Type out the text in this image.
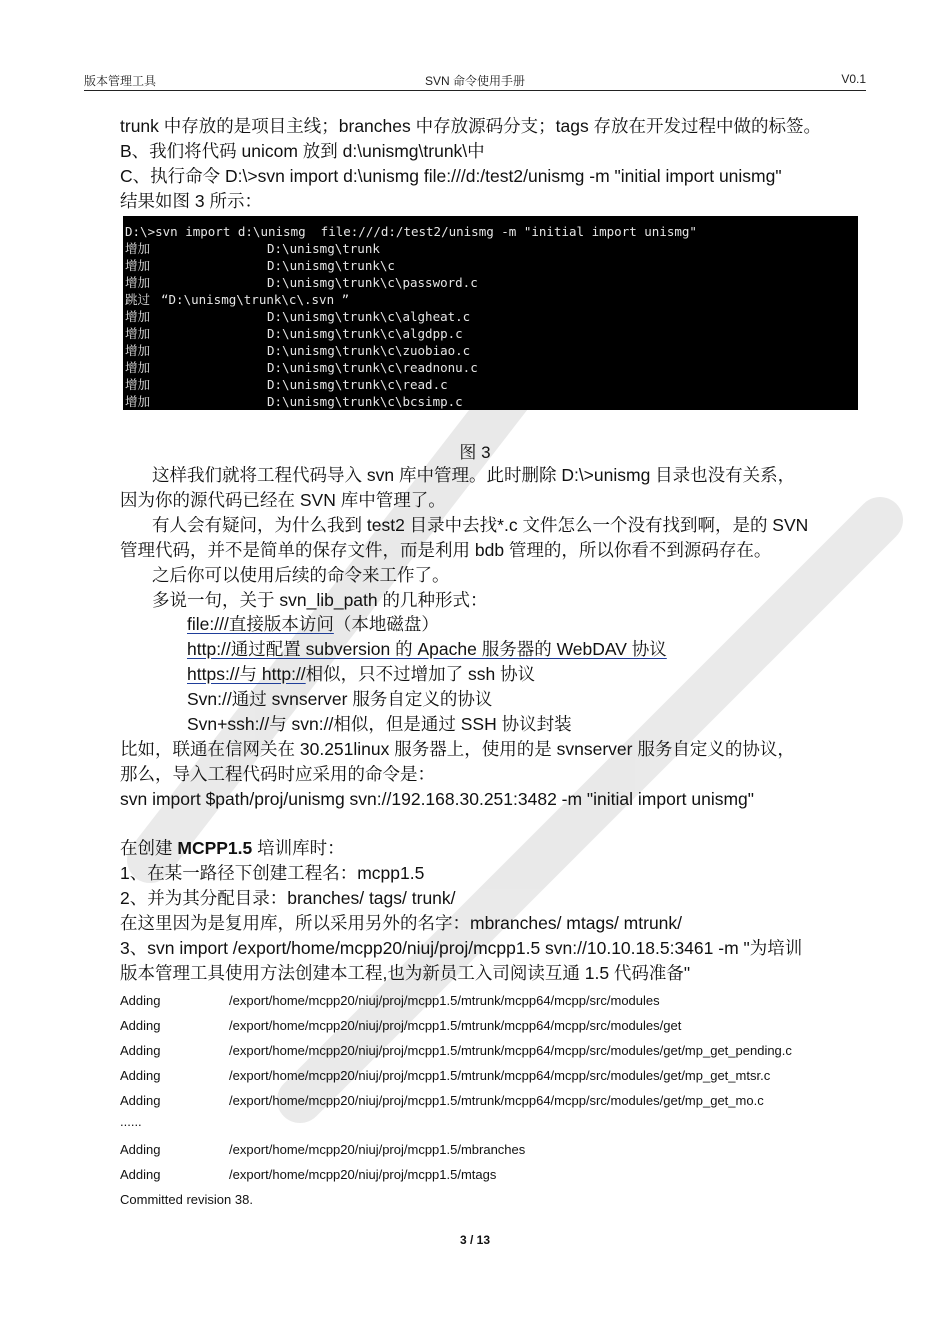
版本管理工具	SVN 命令使用手册	V0.1
trunk 中存放的是项目主线；branches 中存放源码分支；tags 存放在开发过程中做的标签。
B、我们将代码 unicom 放到 d:\unismg\trunk\中
C、执行命令 D:\>svn import d:\unismg file:///d:/test2/unismg -m "initial import unismg"
结果如图 3 所示：
D:\>svn import d:\unismg  file:///d:/test2/unismg -m "initial import unismg"
增加	D:\unismg\trunk
增加	D:\unismg\trunk\c
增加	D:\unismg\trunk\c\password.c
跳过 “D:\unismg\trunk\c\.svn ”
增加	D:\unismg\trunk\c\algheat.c
增加	D:\unismg\trunk\c\algdpp.c
增加	D:\unismg\trunk\c\zuobiao.c
增加	D:\unismg\trunk\c\readnonu.c
增加	D:\unismg\trunk\c\read.c
增加	D:\unismg\trunk\c\bcsimp.c
图 3
这样我们就将工程代码导入 svn 库中管理。此时删除 D:\>unismg 目录也没有关系，
因为你的源代码已经在 SVN 库中管理了。
有人会有疑问，为什么我到 test2 目录中去找*.c 文件怎么一个没有找到啊，是的 SVN
管理代码，并不是简单的保存文件，而是利用 bdb 管理的，所以你看不到源码存在。
之后你可以使用后续的命令来工作了。
多说一句，关于 svn_lib_path 的几种形式：
file:///直接版本访问（本地磁盘）
http://通过配置 subversion 的 Apache 服务器的 WebDAV 协议
https://与 http://相似，只不过增加了 ssh 协议
Svn://通过 svnserver 服务自定义的协议
Svn+ssh://与 svn://相似，但是通过 SSH 协议封装
比如，联通在信网关在 30.251linux 服务器上，使用的是 svnserver 服务自定义的协议，
那么，导入工程代码时应采用的命令是：
svn import $path/proj/unismg svn://192.168.30.251:3482 -m "initial import unismg"
在创建 MCPP1.5 培训库时：
1、在某一路径下创建工程名：mcpp1.5
2、并为其分配目录：branches/ tags/ trunk/
在这里因为是复用库，所以采用另外的名字：mbranches/ mtags/ mtrunk/
3、svn import /export/home/mcpp20/niuj/proj/mcpp1.5 svn://10.10.18.5:3461 -m "为培训
版本管理工具使用方法创建本工程,也为新员工入司阅读互通 1.5 代码准备"
Adding	/export/home/mcpp20/niuj/proj/mcpp1.5/mtrunk/mcpp64/mcpp/src/modules
Adding	/export/home/mcpp20/niuj/proj/mcpp1.5/mtrunk/mcpp64/mcpp/src/modules/get
Adding	/export/home/mcpp20/niuj/proj/mcpp1.5/mtrunk/mcpp64/mcpp/src/modules/get/mp_get_pending.c
Adding	/export/home/mcpp20/niuj/proj/mcpp1.5/mtrunk/mcpp64/mcpp/src/modules/get/mp_get_mtsr.c
Adding	/export/home/mcpp20/niuj/proj/mcpp1.5/mtrunk/mcpp64/mcpp/src/modules/get/mp_get_mo.c
......
Adding	/export/home/mcpp20/niuj/proj/mcpp1.5/mbranches
Adding	/export/home/mcpp20/niuj/proj/mcpp1.5/mtags
Committed revision 38.
3 / 13
